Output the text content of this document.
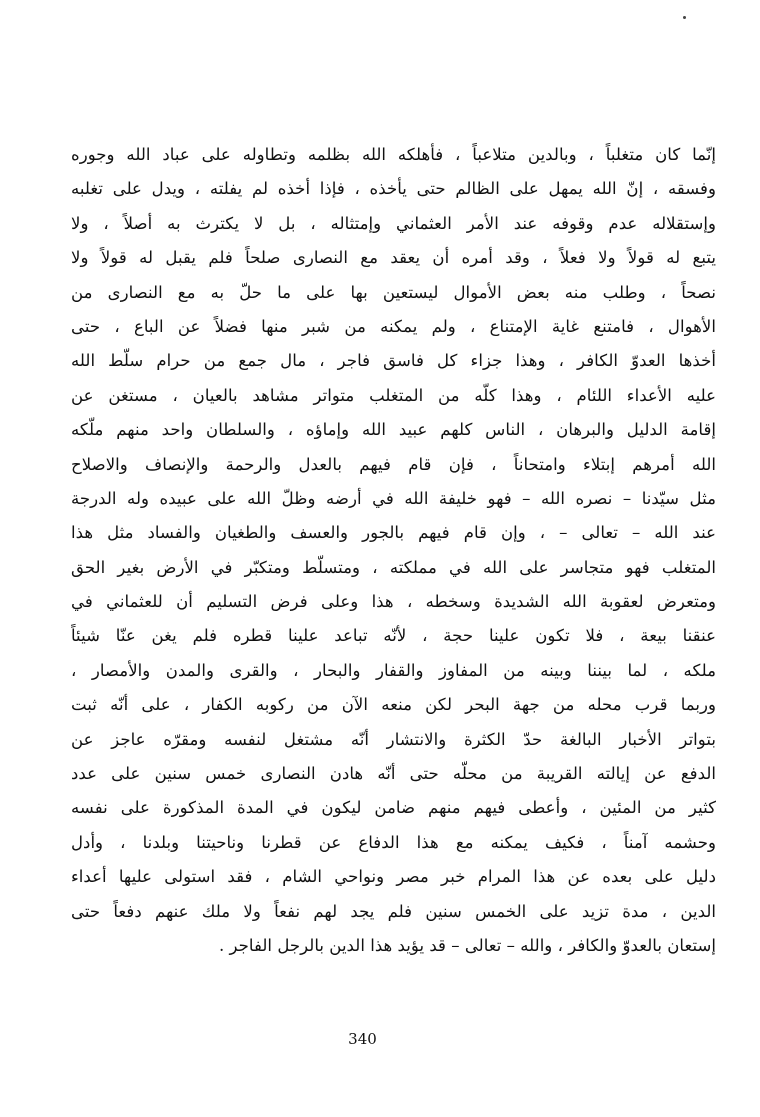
إنّما كان متغلباً ، وبالدين متلاعباً ، فأهلكه الله بظلمه وتطاوله على عباد الله وجوره
وفسقه ، إنّ الله يمهل على الظالم حتى يأخذه ، فإذا أخذه لم يفلته ، ويدل على تغلبه
وإستقلاله عدم وقوفه عند الأمر العثماني وإمتثاله ، بل لا يكترث به أصلاً ، ولا
يتبع له قولاً ولا فعلاً ، وقد أمره أن يعقد مع النصارى صلحاً فلم يقبل له قولاً ولا
نصحاً ، وطلب منه بعض الأموال ليستعين بها على ما حلّ به مع النصارى من
الأهوال ، فامتنع غاية الإمتناع ، ولم يمكنه من شبر منها فضلاً عن الباع ، حتى
أخذها العدوّ الكافر ، وهذا جزاء كل فاسق فاجر ، مال جمع من حرام سلّط الله
عليه الأعداء اللئام ، وهذا كلّه من المتغلب متواتر مشاهد بالعيان ، مستغن عن
إقامة الدليل والبرهان ، الناس كلهم عبيد الله وإماؤه ، والسلطان واحد منهم ملّكه
الله أمرهم إبتلاء وامتحاناً ، فإن قام فيهم بالعدل والرحمة والإنصاف والاصلاح
مثل سيّدنا – نصره الله – فهو خليفة الله في أرضه وظلّ الله على عبيده وله الدرجة
عند الله – تعالى – ، وإن قام فيهم بالجور والعسف والطغيان والفساد مثل هذا
المتغلب فهو متجاسر على الله في مملكته ، ومتسلّط ومتكبّر في الأرض بغير الحق
ومتعرض لعقوبة الله الشديدة وسخطه ، هذا وعلى فرض التسليم أن للعثماني في
عنقنا بيعة ، فلا تكون علينا حجة ، لأنّه تباعد علينا قطره فلم يغن عنّا شيئاً
ملكه ، لما بيننا وبينه من المفاوز والقفار والبحار ، والقرى والمدن والأمصار ،
وربما قرب محله من جهة البحر لكن منعه الآن من ركوبه الكفار ، على أنّه ثبت
بتواتر الأخبار البالغة حدّ الكثرة والانتشار أنّه مشتغل لنفسه ومقرّه عاجز عن
الدفع عن إيالته القريبة من محلّه حتى أنّه هادن النصارى خمس سنين على عدد
كثير من المئين ، وأعطى فيهم منهم ضامن ليكون في المدة المذكورة على نفسه
وحشمه آمناً ، فكيف يمكنه مع هذا الدفاع عن قطرنا وناحيتنا وبلدنا ، وأدل
دليل على بعده عن هذا المرام خبر مصر ونواحي الشام ، فقد استولى عليها أعداء
الدين ، مدة تزيد على الخمس سنين فلم يجد لهم نفعاً ولا ملك عنهم دفعاً حتى
إستعان بالعدوّ والكافر ، والله – تعالى – قد يؤيد هذا الدين بالرجل الفاجر .
340
